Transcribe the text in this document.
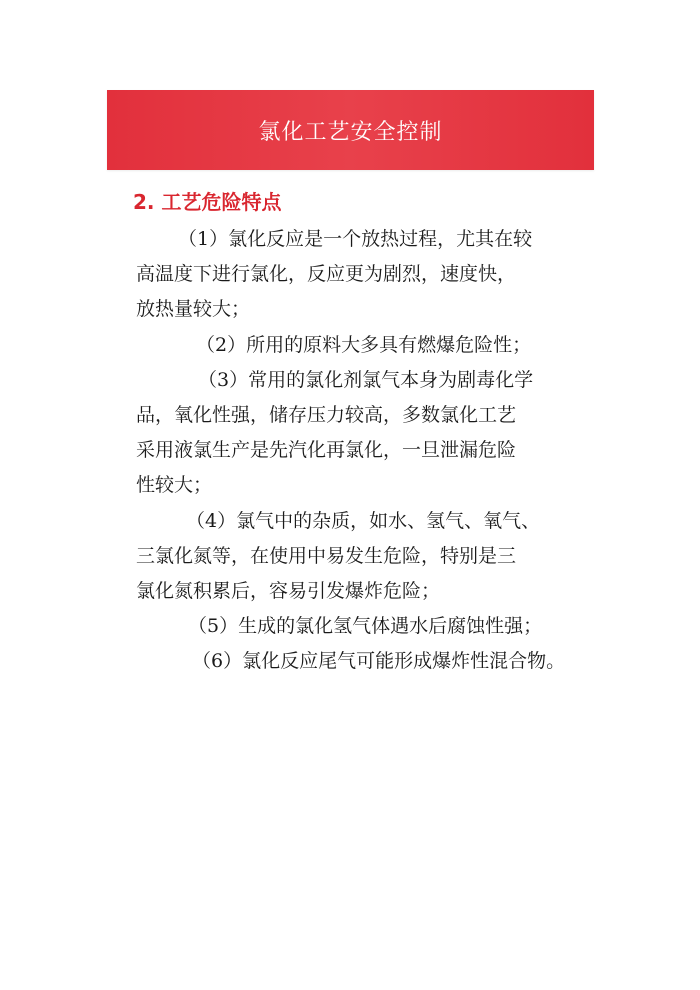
氯化工艺安全控制
2. 工艺危险特点
（1）氯化反应是一个放热过程，尤其在较
高温度下进行氯化，反应更为剧烈，速度快，
放热量较大；
（2）所用的原料大多具有燃爆危险性；
（3）常用的氯化剂氯气本身为剧毒化学
品，氧化性强，储存压力较高，多数氯化工艺
采用液氯生产是先汽化再氯化，一旦泄漏危险
性较大；
（4）氯气中的杂质，如水、氢气、氧气、
三氯化氮等，在使用中易发生危险，特别是三
氯化氮积累后，容易引发爆炸危险；
（5）生成的氯化氢气体遇水后腐蚀性强；
（6）氯化反应尾气可能形成爆炸性混合物。
